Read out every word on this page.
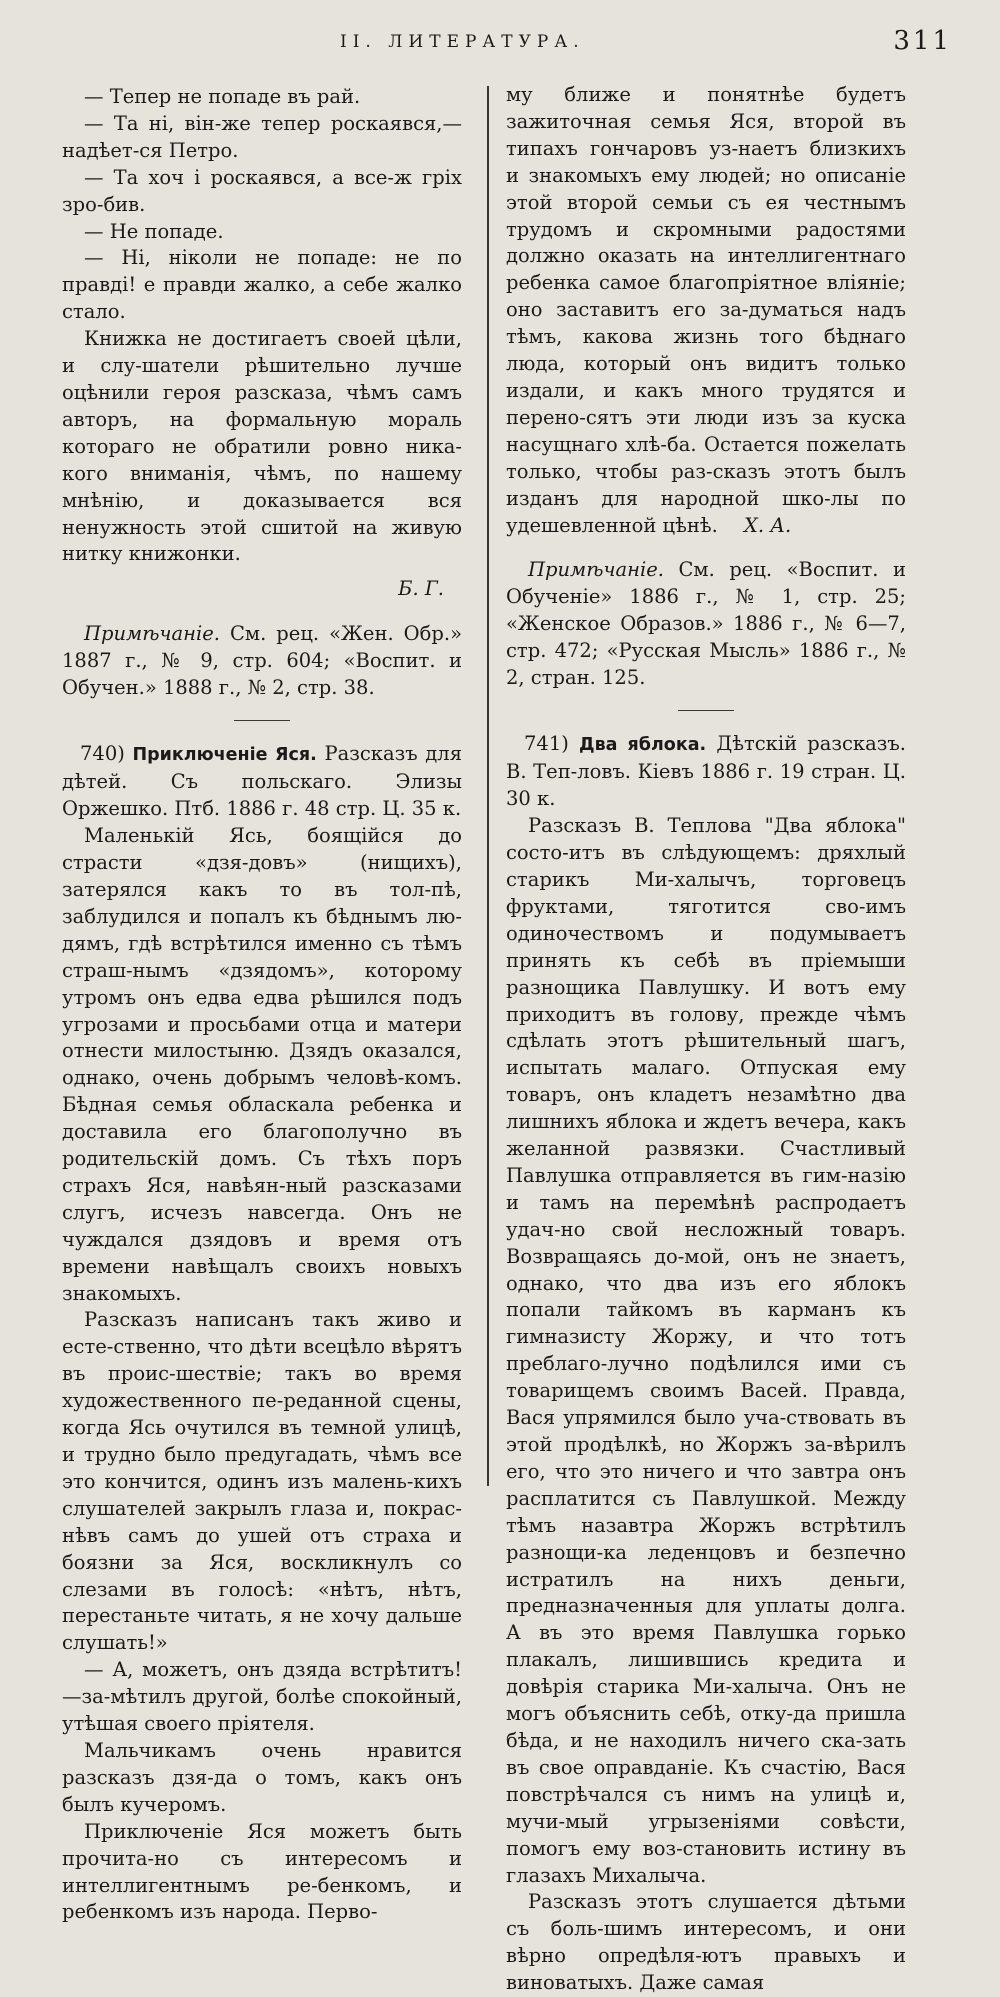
II. ЛИТЕРАТУРА.	311

— Тепер не попаде въ рай.

— Та нi, вiн-же тепер роскаявся,—надѣет-ся Петро.

— Та хоч i роскаявся, а все-ж грiх зро-бив.

— Не попаде.

— Нi, нiколи не попаде: не по правдi! е правди жалко, а себе жалко стало.

Книжка не достигаетъ своей цѣли, и слу-шатели рѣшительно лучше оцѣнили героя разсказа, чѣмъ самъ авторъ, на формальную мораль котораго не обратили ровно ника-кого вниманія, чѣмъ, по нашему мнѣнію, и доказывается вся ненужность этой сшитой на живую нитку книжонки.

Б. Г.

Примѣчаніе. См. рец. «Жен. Обр.» 1887 г., № 9, стр. 604; «Воспит. и Обучен.» 1888 г., № 2, стр. 38.

740) Приключеніе Яся. Разсказъ для дѣтей. Съ польскаго. Элизы Оржешко. Птб. 1886 г. 48 стр. Ц. 35 к.

Маленькiй Ясь, боящійся до страсти «дзя-довъ» (нищихъ), затерялся какъ то въ тол-пѣ, заблудился и попалъ къ бѣднымъ лю-дямъ, гдѣ встрѣтился именно съ тѣмъ страш-нымъ «дзядомъ», которому утромъ онъ едва едва рѣшился подъ угрозами и просьбами отца и матери отнести милостыню. Дзядъ оказался, однако, очень добрымъ человѣ-комъ. Бѣдная семья обласкала ребенка и доставила его благополучно въ родительскій домъ. Съ тѣхъ поръ страхъ Яся, навѣян-ный разсказами слугъ, исчезъ навсегда. Онъ не чуждался дзядовъ и время отъ времени навѣщалъ своихъ новыхъ знакомыхъ.

Разсказъ написанъ такъ живо и есте-ственно, что дѣти всецѣло вѣрятъ въ проис-шествіе; такъ во время художественного пе-реданной сцены, когда Ясь очутился въ темной улицѣ, и трудно было предугадать, чѣмъ все это кончится, одинъ изъ малень-кихъ слушателей закрылъ глаза и, покрас-нѣвъ самъ до ушей отъ страха и боязни за Яся, воскликнулъ со слезами въ голосѣ: «нѣтъ, нѣтъ, перестаньте читать, я не хочу дальше слушать!»

— А, можетъ, онъ дзяда встрѣтитъ!—за-мѣтилъ другой, болѣе спокойный, утѣшая своего пріятеля.

Мальчикамъ очень нравится разсказъ дзя-да о томъ, какъ онъ былъ кучеромъ.

Приключеніе Яся можетъ быть прочита-но съ интересомъ и интеллигентнымъ ре-бенкомъ, и ребенкомъ изъ народа. Перво-

му ближе и понятнѣе будетъ зажиточная семья Яся, второй въ типахъ гончаровъ уз-нaетъ близкихъ и знакомыхъ ему людей; но описаніе этой второй семьи съ ея честнымъ трудомъ и скромными радостями должно оказать на интеллигентнаго ребенка самое благопріятное вліяніе; оно заставитъ его за-думаться надъ тѣмъ, какова жизнь того бѣднаго люда, который онъ видитъ только издали, и какъ много трудятся и перено-сятъ эти люди изъ за куска насущнаго хлѣ-ба. Остается пожелать только, чтобы раз-сказъ этотъ былъ изданъ для народной шко-лы по удешевленной цѣнѣ. Х. А.

Примѣчаніе. См. рец. «Воспит. и Обученіе» 1886 г., № 1, стр. 25; «Женское Образов.» 1886 г., № 6—7, стр. 472; «Русская Мысль» 1886 г., № 2, стран. 125.

741) Два яблока. Дѣтскій разсказъ. В. Теп-ловъ. Кiевъ 1886 г. 19 стран. Ц. 30 к.

Разсказъ В. Теплова "Два яблока" состо-итъ въ слѣдующемъ: дряхлый старикъ Ми-халычъ, торговецъ фруктами, тяготится сво-имъ одиночествомъ и подумываетъ принять къ себѣ въ пріемыши разнощика Павлушку. И вотъ ему приходитъ въ голову, прежде чѣмъ сдѣлать этотъ рѣшительный шагъ, испытать малаго. Отпуская ему товаръ, онъ кладетъ незамѣтно два лишнихъ яблока и ждетъ вечера, какъ желанной развязки. Счастливый Павлушка отправляется въ гим-назію и тамъ на перемѣнѣ распродаетъ удач-но свой несложный товаръ. Возвращаясь до-мой, онъ не знаетъ, однако, что два изъ его яблокъ попали тайкомъ въ карманъ къ гимназисту Жоржу, и что тотъ преблаго-лучно подѣлился ими съ товарищемъ своимъ Васей. Правда, Вася упрямился было уча-ствовать въ этой продѣлкѣ, но Жоржъ за-вѣрилъ его, что это ничего и что завтра онъ расплатится съ Павлушкой. Между тѣмъ назавтра Жоржъ встрѣтилъ разнощи-ка леденцовъ и безпечно истратилъ на нихъ деньги, предназначенныя для уплаты долга. А въ это время Павлушка горько плакалъ, лишившись кредита и довѣрія старика Ми-халыча. Онъ не могъ объяснить себѣ, отку-да пришла бѣда, и не находилъ ничего ска-зать въ свое оправданіе. Къ счастію, Вася повстрѣчался съ нимъ на улицѣ и, мучи-мый угрызеніями совѣсти, помогъ ему воз-становить истину въ глазахъ Михалыча.

Разсказъ этотъ слушается дѣтьми съ боль-шимъ интересомъ, и они вѣрно опредѣля-ютъ правыхъ и виноватыхъ. Даже самая
